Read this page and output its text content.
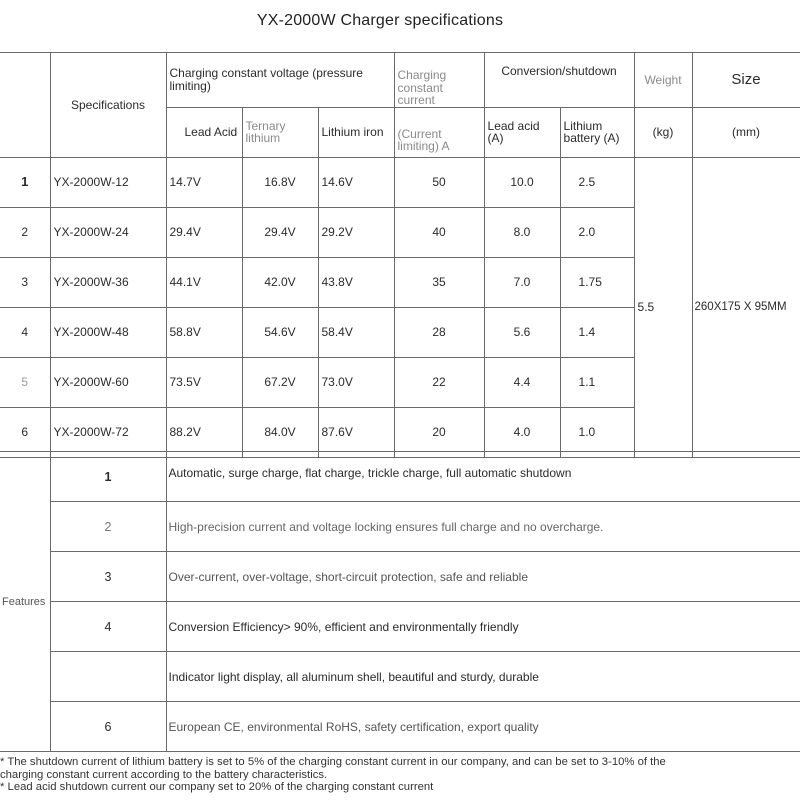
YX-2000W Charger specifications
	Specifications	Charging constant voltage (pressure limiting)			Charging constant current	Conversion/shutdown		Weight	Size
		Lead Acid	Ternary lithium	Lithium iron	(Current limiting) A	Lead acid (A)	Lithium battery (A)	(kg)	(mm)
1	YX-2000W-12	14.7V	16.8V	14.6V	50	10.0	2.5	5.5	260X175 X 95MM
2	YX-2000W-24	29.4V	29.4V	29.2V	40	8.0	2.0		
3	YX-2000W-36	44.1V	42.0V	43.8V	35	7.0	1.75		
4	YX-2000W-48	58.8V	54.6V	58.4V	28	5.6	1.4		
5	YX-2000W-60	73.5V	67.2V	73.0V	22	4.4	1.1		
6	YX-2000W-72	88.2V	84.0V	87.6V	20	4.0	1.0		
Features	1	Automatic, surge charge, flat charge, trickle charge, full automatic shutdown
	2	High-precision current and voltage locking ensures full charge and no overcharge.
	3	Over-current, over-voltage, short-circuit protection, safe and reliable
	4	Conversion Efficiency> 90%, efficient and environmentally friendly
		Indicator light display, all aluminum shell, beautiful and sturdy, durable
	6	European CE, environmental RoHS, safety certification, export quality
* The shutdown current of lithium battery is set to 5% of the charging constant current in our company, and can be set to 3-10% of the charging constant current according to the battery characteristics.
* Lead acid shutdown current our company set to 20% of the charging constant current
